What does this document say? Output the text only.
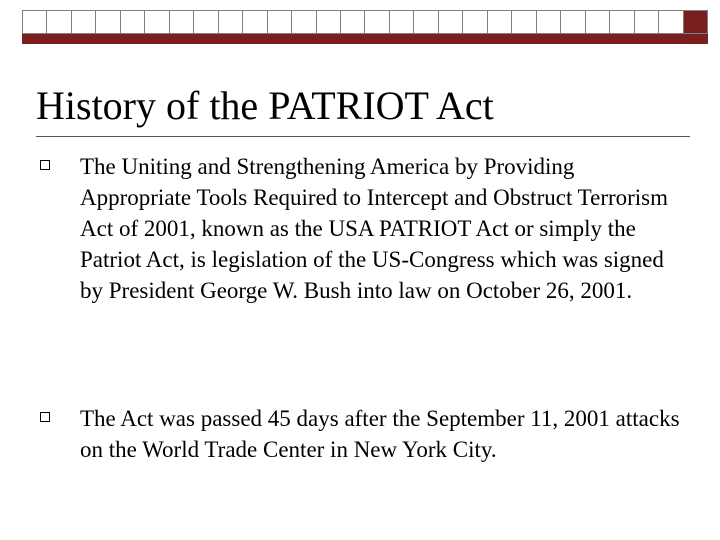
History of the PATRIOT Act
The Uniting and Strengthening America by Providing Appropriate Tools Required to Intercept and Obstruct Terrorism Act of 2001, known as the USA PATRIOT Act or simply the Patriot Act, is legislation of the US-Congress which was signed by President George W. Bush into law on October 26, 2001.
The Act was passed 45 days after the September 11, 2001 attacks on the World Trade Center in New York City.
